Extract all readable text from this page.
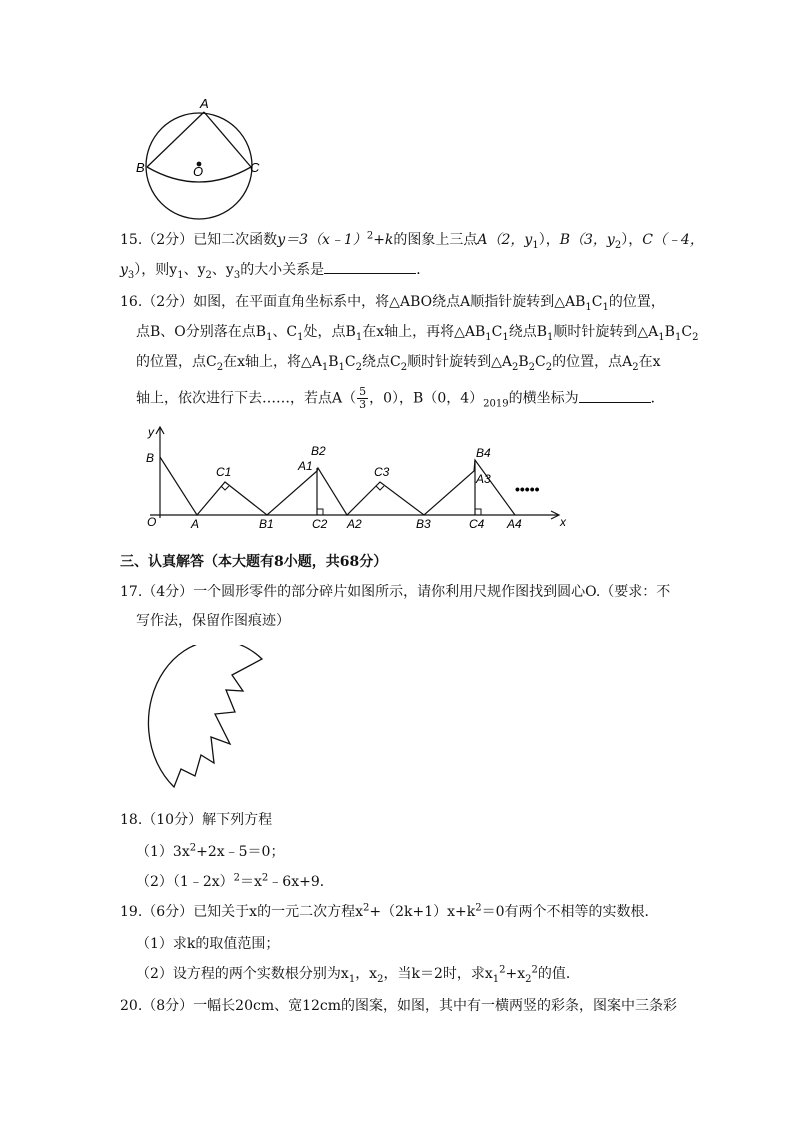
A
B	C
O
15.（2分）已知二次函数y＝3（x﹣1）$^2$+k的图象上三点A（2，$y_1$），B（3，$y_2$），C（﹣4，
$y_3$），则$y_1$、$y_2$、$y_3$的大小关系是	．
16.（2分）如图，在平面直角坐标系中，将△ABO绕点A顺指针旋转到$\triangle AB_1C_1$的位置，
点B、O分别落在点$B_1$、$C_1$处，点$B_1$在x轴上，再将$\triangle AB_1C_1$绕点$B_1$顺时针旋转到$\triangle A_1B_1C_2$
的位置，点$C_2$在x轴上，将$\triangle A_1B_1C_2$绕点$C_2$顺时针旋转到$\triangle A_2B_2C_2$的位置，点$A_2$在x
轴上，依次进行下去……，若点$A( \frac{5}{3}$ ，0），B（0，$4)_{2019}$的横坐标为	．
y
B
C1	A1
B2
C3
B4
A3
O	A	B1	C2 A2	B3	C4 A4	x
•••••
三、认真解答（本大题有8小题，共68分）
17.（4分）一个圆形零件的部分碎片如图所示，请你利用尺规作图找到圆心O.（要求：不
写作法，保留作图痕迹）
18.（10分）解下列方程
$(1)3x^2+2x﹣5=0$；
$(2)(1﹣2x)^2=x^2﹣6x+9$．
19.（6分）已知关于x的一元二次方程$x^2+(2k+1)x+k^2=0$有两个不相等的实数根．
（1）求k的取值范围；
（2）设方程的两个实数根分别为$x_1$，$x_2$，当k＝2时，求$x_1^2+x_2^2$的值．
20.（8分）一幅长20cm、宽12cm的图案，如图，其中有一横两竖的彩条，图案中三条彩
